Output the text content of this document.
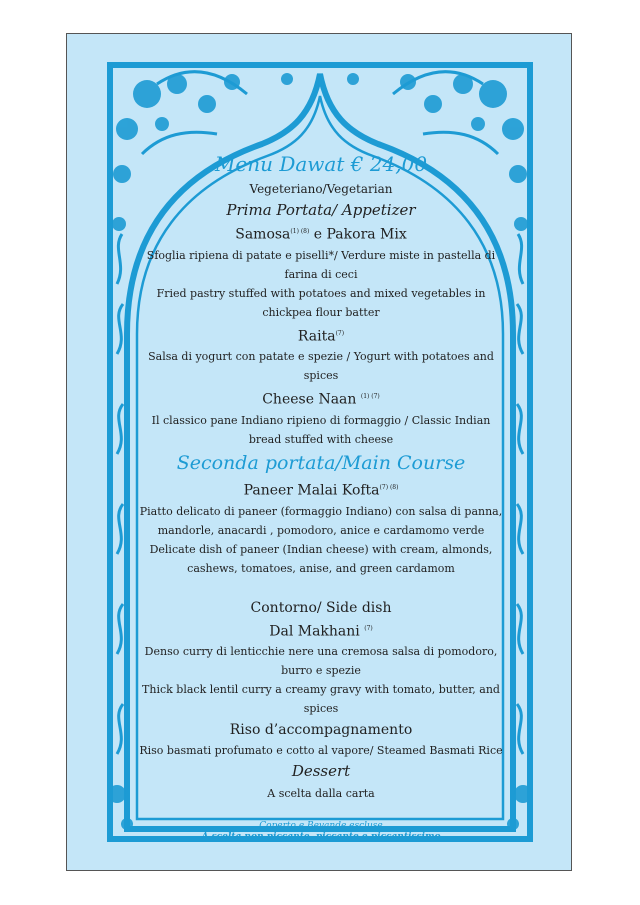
Menu Dawat € 24,00
Vegeteriano/Vegetarian
Prima Portata/ Appetizer
Samosa$^{(1) (8)}$ e Pakora Mix

Sfoglia ripiena di patate e piselli*/ Verdure miste in pastella di farina di ceci

Fried pastry stuffed with potatoes and mixed vegetables in chickpea flour batter

Raita$^{(7)}$

Salsa di yogurt con patate e spezie / Yogurt with potatoes and spices

Cheese Naan $^{(1) (7)}$

Il classico pane Indiano ripieno di formaggio / Classic Indian bread stuffed with cheese

Seconda portata/Main Course
Paneer Malai Kofta$^{(7) (8)}$

Piatto delicato di paneer (formaggio Indiano) con salsa di panna, mandorle, anacardi , pomodoro, anice e cardamomo verde

Delicate dish of paneer (Indian cheese) with cream, almonds, cashews, tomatoes, anise, and green cardamom

Contorno/ Side dish
Dal Makhani $^{(7)}$

Denso curry di lenticchie nere una cremosa salsa di pomodoro, burro e spezie

Thick black lentil curry a creamy gravy with tomato, butter, and spices

Riso d’accompagnamento

Riso basmati profumato e cotto al vapore/ Steamed Basmati Rice

Dessert

A scelta dalla carta

Coperto e Bevande escluse

A scelta non piccante, piccante e piccantissimo
